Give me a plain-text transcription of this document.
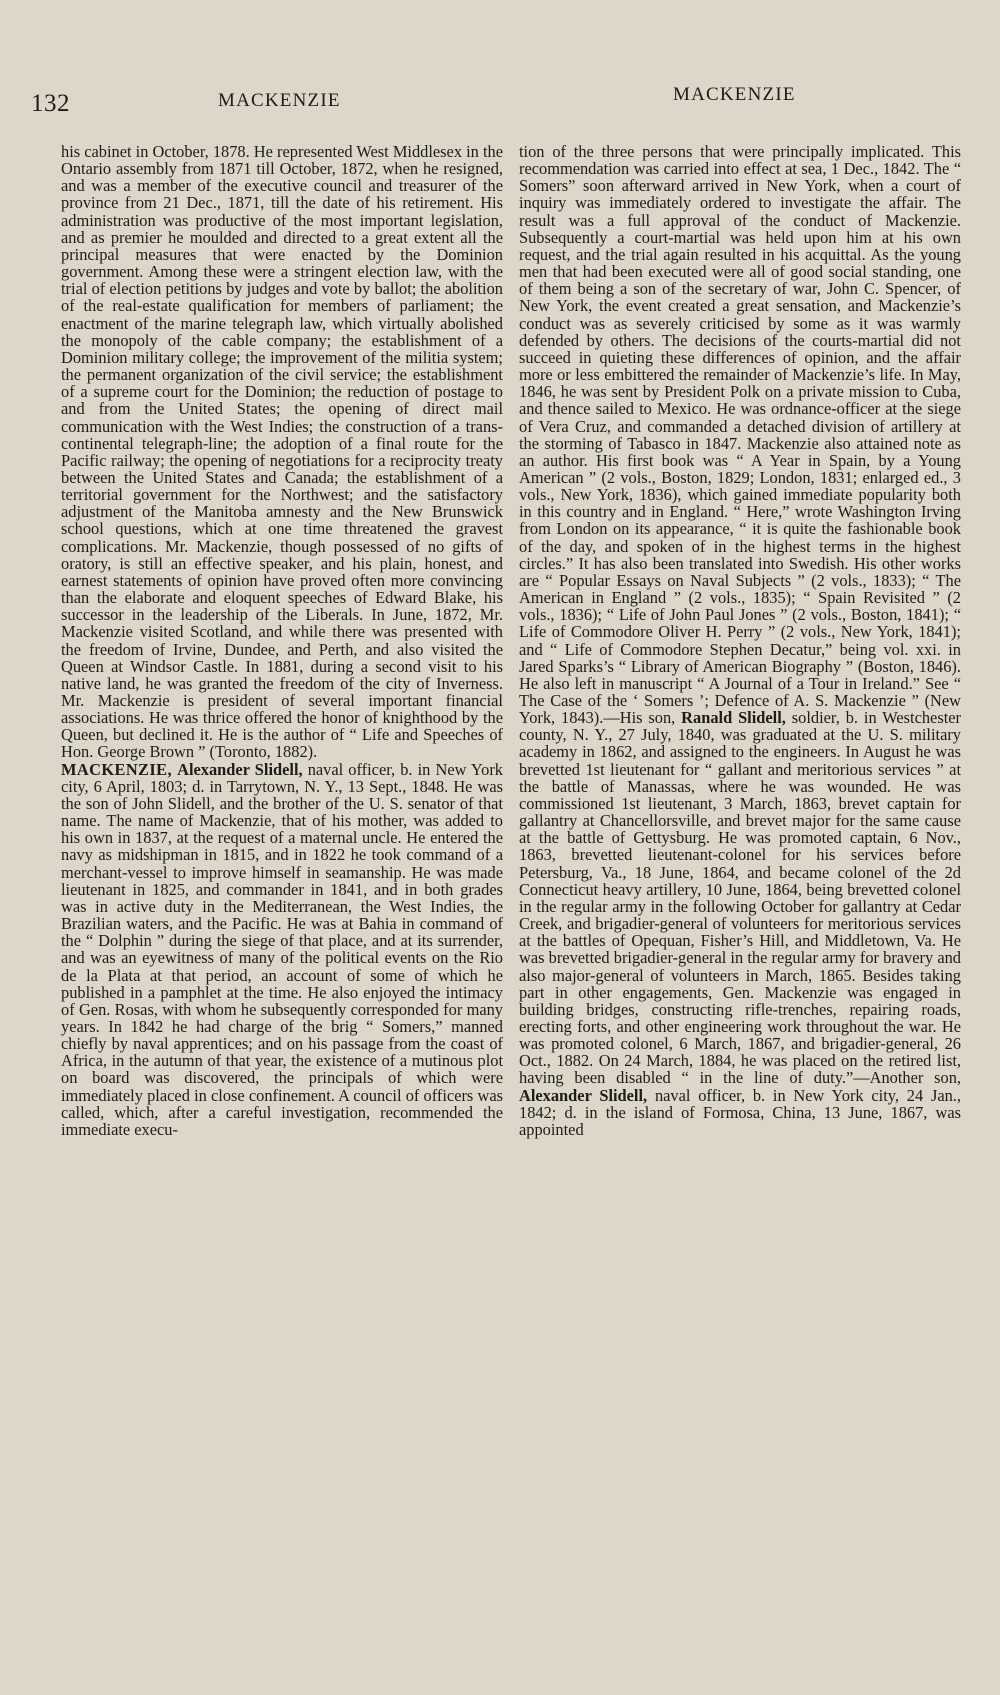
132	MACKENZIE	MACKENZIE

his cabinet in October, 1878. He represented West Middlesex in the Ontario assembly from 1871 till October, 1872, when he resigned, and was a member of the executive council and treasurer of the province from 21 Dec., 1871, till the date of his retirement. His administration was productive of the most important legislation, and as premier he moulded and directed to a great extent all the principal measures that were enacted by the Dominion government. Among these were a stringent election law, with the trial of election petitions by judges and vote by ballot; the abolition of the real-estate qualification for members of parliament; the enactment of the marine telegraph law, which virtually abolished the monopoly of the cable company; the establishment of a Dominion military college; the improvement of the militia system; the permanent organization of the civil service; the establishment of a supreme court for the Dominion; the reduction of postage to and from the United States; the opening of direct mail communication with the West Indies; the construction of a trans-continental telegraph-line; the adoption of a final route for the Pacific railway; the opening of negotiations for a reciprocity treaty between the United States and Canada; the establishment of a territorial government for the Northwest; and the satisfactory adjustment of the Manitoba amnesty and the New Brunswick school questions, which at one time threatened the gravest complications. Mr. Mackenzie, though possessed of no gifts of oratory, is still an effective speaker, and his plain, honest, and earnest statements of opinion have proved often more convincing than the elaborate and eloquent speeches of Edward Blake, his successor in the leadership of the Liberals. In June, 1872, Mr. Mackenzie visited Scotland, and while there was presented with the freedom of Irvine, Dundee, and Perth, and also visited the Queen at Windsor Castle. In 1881, during a second visit to his native land, he was granted the freedom of the city of Inverness. Mr. Mackenzie is president of several important financial associations. He was thrice offered the honor of knighthood by the Queen, but declined it. He is the author of “ Life and Speeches of Hon. George Brown ” (Toronto, 1882).

MACKENZIE, Alexander Slidell, naval officer, b. in New York city, 6 April, 1803; d. in Tarrytown, N. Y., 13 Sept., 1848. He was the son of John Slidell, and the brother of the U. S. senator of that name. The name of Mackenzie, that of his mother, was added to his own in 1837, at the request of a maternal uncle. He entered the navy as midshipman in 1815, and in 1822 he took command of a merchant-vessel to improve himself in seamanship. He was made lieutenant in 1825, and commander in 1841, and in both grades was in active duty in the Mediterranean, the West Indies, the Brazilian waters, and the Pacific. He was at Bahia in command of the “ Dolphin ” during the siege of that place, and at its surrender, and was an eyewitness of many of the political events on the Rio de la Plata at that period, an account of some of which he published in a pamphlet at the time. He also enjoyed the intimacy of Gen. Rosas, with whom he subsequently corresponded for many years. In 1842 he had charge of the brig “ Somers,” manned chiefly by naval apprentices; and on his passage from the coast of Africa, in the autumn of that year, the existence of a mutinous plot on board was discovered, the principals of which were immediately placed in close confinement. A council of officers was called, which, after a careful investigation, recommended the immediate execu-

tion of the three persons that were principally implicated. This recommendation was carried into effect at sea, 1 Dec., 1842. The “ Somers” soon afterward arrived in New York, when a court of inquiry was immediately ordered to investigate the affair. The result was a full approval of the conduct of Mackenzie. Subsequently a court-martial was held upon him at his own request, and the trial again resulted in his acquittal. As the young men that had been executed were all of good social standing, one of them being a son of the secretary of war, John C. Spencer, of New York, the event created a great sensation, and Mackenzie’s conduct was as severely criticised by some as it was warmly defended by others. The decisions of the courts-martial did not succeed in quieting these differences of opinion, and the affair more or less embittered the remainder of Mackenzie’s life. In May, 1846, he was sent by President Polk on a private mission to Cuba, and thence sailed to Mexico. He was ordnance-officer at the siege of Vera Cruz, and commanded a detached division of artillery at the storming of Tabasco in 1847. Mackenzie also attained note as an author. His first book was “ A Year in Spain, by a Young American ” (2 vols., Boston, 1829; London, 1831; enlarged ed., 3 vols., New York, 1836), which gained immediate popularity both in this country and in England. “ Here,” wrote Washington Irving from London on its appearance, “ it is quite the fashionable book of the day, and spoken of in the highest terms in the highest circles.” It has also been translated into Swedish. His other works are “ Popular Essays on Naval Subjects ” (2 vols., 1833); “ The American in England ” (2 vols., 1835); “ Spain Revisited ” (2 vols., 1836); “ Life of John Paul Jones ” (2 vols., Boston, 1841); “ Life of Commodore Oliver H. Perry ” (2 vols., New York, 1841); and “ Life of Commodore Stephen Decatur,” being vol. xxi. in Jared Sparks’s “ Library of American Biography ” (Boston, 1846). He also left in manuscript “ A Journal of a Tour in Ireland.” See “ The Case of the ‘ Somers ’; Defence of A. S. Mackenzie ” (New York, 1843).—His son, Ranald Slidell, soldier, b. in Westchester county, N. Y., 27 July, 1840, was graduated at the U. S. military academy in 1862, and assigned to the engineers. In August he was brevetted 1st lieutenant for “ gallant and meritorious services ” at the battle of Manassas, where he was wounded. He was commissioned 1st lieutenant, 3 March, 1863, brevet captain for gallantry at Chancellorsville, and brevet major for the same cause at the battle of Gettysburg. He was promoted captain, 6 Nov., 1863, brevetted lieutenant-colonel for his services before Petersburg, Va., 18 June, 1864, and became colonel of the 2d Connecticut heavy artillery, 10 June, 1864, being brevetted colonel in the regular army in the following October for gallantry at Cedar Creek, and brigadier-general of volunteers for meritorious services at the battles of Opequan, Fisher’s Hill, and Middletown, Va. He was brevetted brigadier-general in the regular army for bravery and also major-general of volunteers in March, 1865. Besides taking part in other engagements, Gen. Mackenzie was engaged in building bridges, constructing rifle-trenches, repairing roads, erecting forts, and other engineering work throughout the war. He was promoted colonel, 6 March, 1867, and brigadier-general, 26 Oct., 1882. On 24 March, 1884, he was placed on the retired list, having been disabled “ in the line of duty.”—Another son, Alexander Slidell, naval officer, b. in New York city, 24 Jan., 1842; d. in the island of Formosa, China, 13 June, 1867, was appointed
